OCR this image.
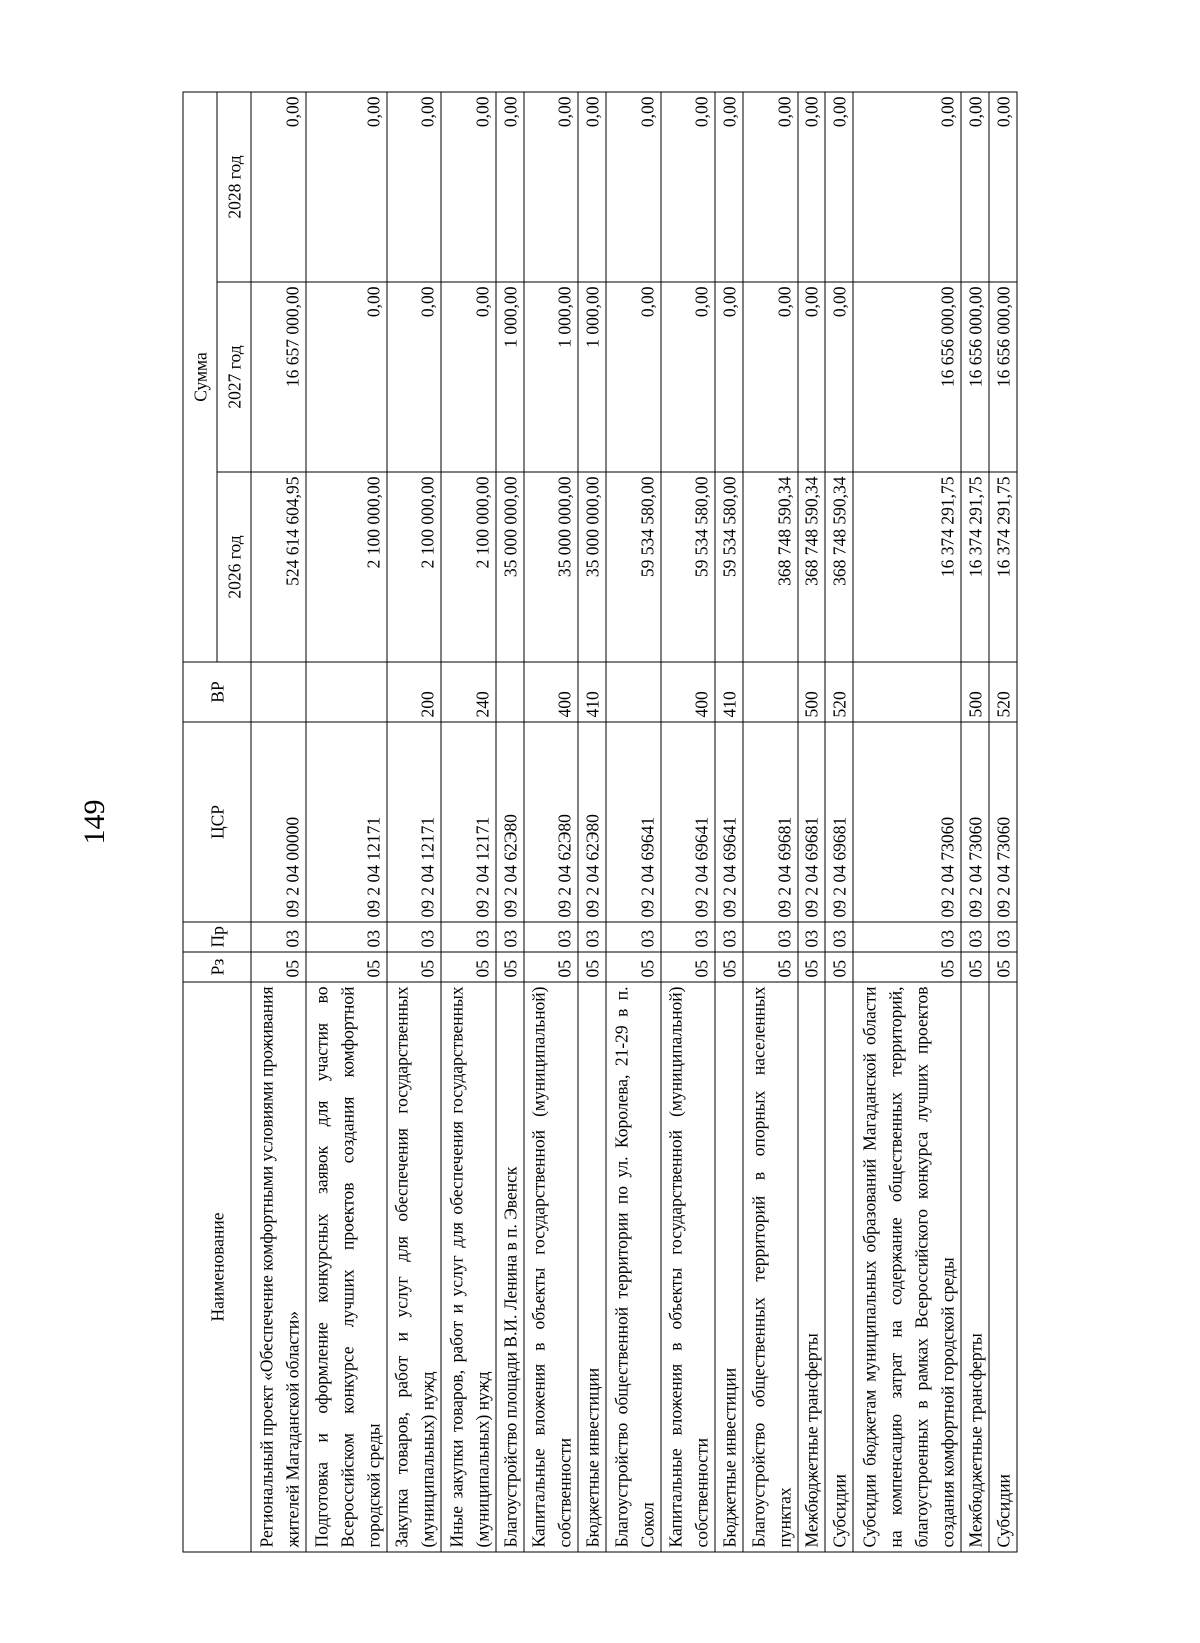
149
Наименование	Рз	Пр	ЦСР	ВР	Сумма		
					2026 год	2027 год	2028 год
Региональный проект «Обеспечение комфортными условиями проживания жителей Магаданской области»	05	03	09 2 04 00000		524 614 604,95	16 657 000,00	0,00
Подготовка и оформление конкурсных заявок для участия во Всероссийском конкурсе лучших проектов создания комфортной городской среды	05	03	09 2 04 12171		2 100 000,00	0,00	0,00
Закупка товаров, работ и услуг для обеспечения государственных (муниципальных) нужд	05	03	09 2 04 12171	200	2 100 000,00	0,00	0,00
Иные закупки товаров, работ и услуг для обеспечения государственных (муниципальных) нужд	05	03	09 2 04 12171	240	2 100 000,00	0,00	0,00
Благоустройство площади В.И. Ленина в п. Эвенск	05	03	09 2 04 62Э80		35 000 000,00	1 000,00	0,00
Капитальные вложения в объекты государственной (муниципальной) собственности	05	03	09 2 04 62Э80	400	35 000 000,00	1 000,00	0,00
Бюджетные инвестиции	05	03	09 2 04 62Э80	410	35 000 000,00	1 000,00	0,00
Благоустройство общественной территории по ул. Королева, 21-29 в п. Сокол	05	03	09 2 04 69641		59 534 580,00	0,00	0,00
Капитальные вложения в объекты государственной (муниципальной) собственности	05	03	09 2 04 69641	400	59 534 580,00	0,00	0,00
Бюджетные инвестиции	05	03	09 2 04 69641	410	59 534 580,00	0,00	0,00
Благоустройство общественных территорий в опорных населенных пунктах	05	03	09 2 04 69681		368 748 590,34	0,00	0,00
Межбюджетные трансферты	05	03	09 2 04 69681	500	368 748 590,34	0,00	0,00
Субсидии	05	03	09 2 04 69681	520	368 748 590,34	0,00	0,00
Субсидии бюджетам муниципальных образований Магаданской области на компенсацию затрат на содержание общественных территорий, благоустроенных в рамках Всероссийского конкурса лучших проектов создания комфортной городской среды	05	03	09 2 04 73060		16 374 291,75	16 656 000,00	0,00
Межбюджетные трансферты	05	03	09 2 04 73060	500	16 374 291,75	16 656 000,00	0,00
Субсидии	05	03	09 2 04 73060	520	16 374 291,75	16 656 000,00	0,00
